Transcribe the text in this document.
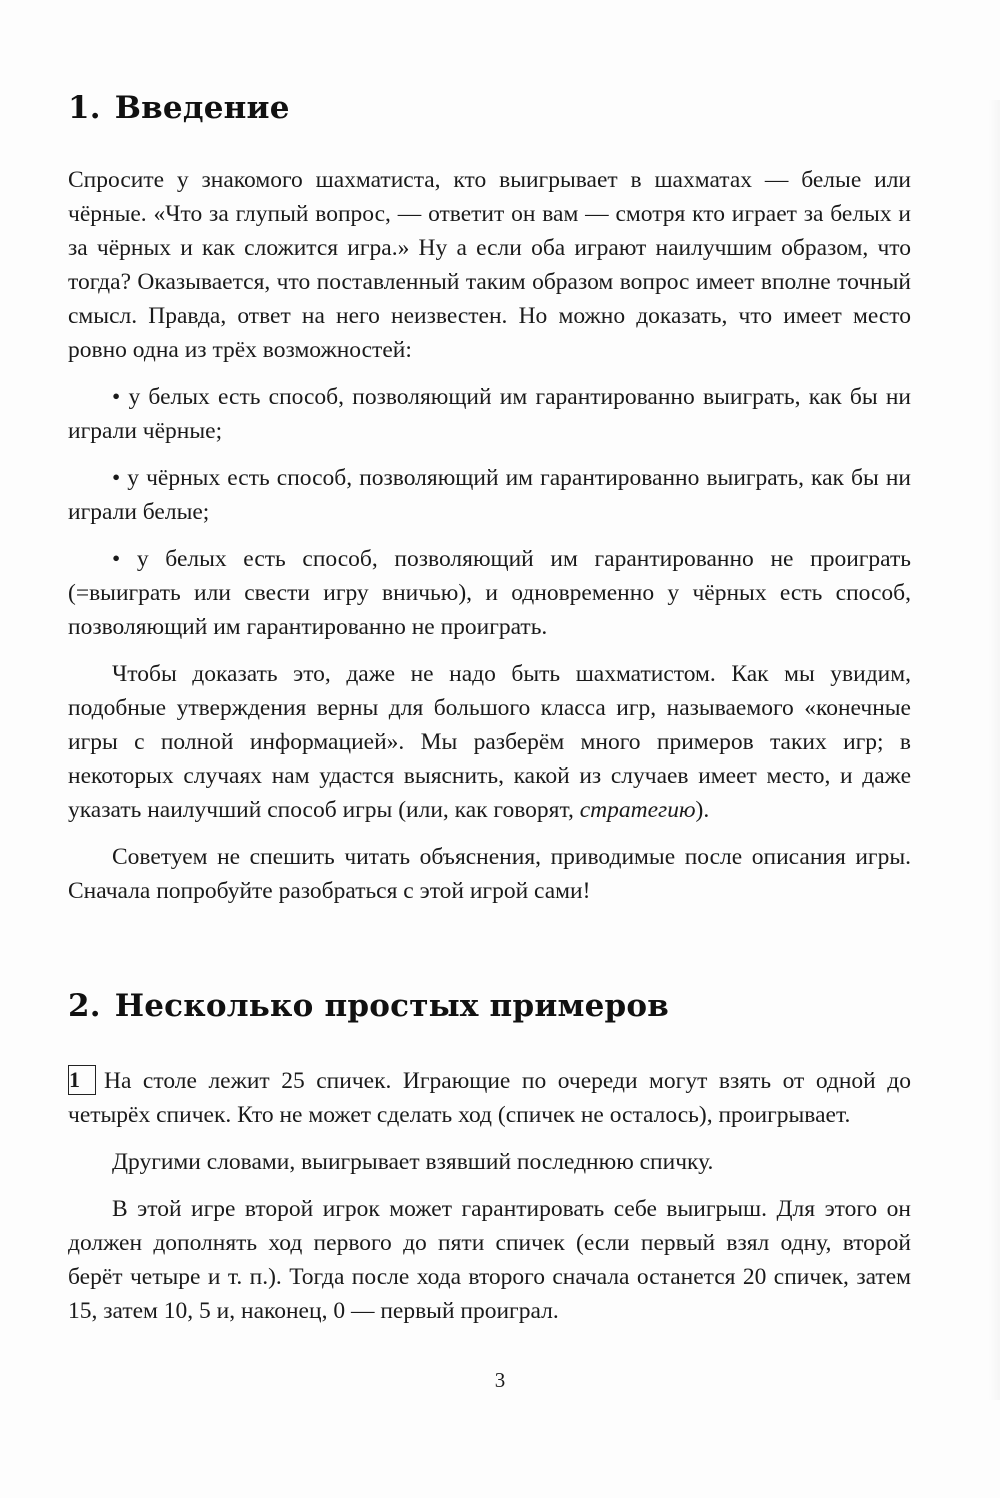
1. Введение

Спросите у знакомого шахматиста, кто выигрывает в шахматах — белые или чёрные. «Что за глупый вопрос, — ответит он вам — смотря кто играет за белых и за чёрных и как сложится игра.» Ну а если оба играют наилучшим образом, что тогда? Оказывается, что поставленный таким образом вопрос имеет вполне точный смысл. Правда, ответ на него неизвестен. Но можно доказать, что имеет место ровно одна из трёх возможностей:

• у белых есть способ, позволяющий им гарантированно выиграть, как бы ни играли чёрные;

• у чёрных есть способ, позволяющий им гарантированно выиграть, как бы ни играли белые;

• у белых есть способ, позволяющий им гарантированно не проиграть (=выиграть или свести игру вничью), и одновременно у чёрных есть способ, позволяющий им гарантированно не проиграть.

Чтобы доказать это, даже не надо быть шахматистом. Как мы увидим, подобные утверждения верны для большого класса игр, называемого «конечные игры с полной информацией». Мы разберём много примеров таких игр; в некоторых случаях нам удастся выяснить, какой из случаев имеет место, и даже указать наилучший способ игры (или, как говорят, стратегию).

Советуем не спешить читать объяснения, приводимые после описания игры. Сначала попробуйте разобраться с этой игрой сами!

2. Несколько простых примеров

1 На столе лежит 25 спичек. Играющие по очереди могут взять от одной до четырёх спичек. Кто не может сделать ход (спичек не осталось), проигрывает.

Другими словами, выигрывает взявший последнюю спичку.

В этой игре второй игрок может гарантировать себе выигрыш. Для этого он должен дополнять ход первого до пяти спичек (если первый взял одну, второй берёт четыре и т. п.). Тогда после хода второго сначала останется 20 спичек, затем 15, затем 10, 5 и, наконец, 0 — первый проиграл.

3
